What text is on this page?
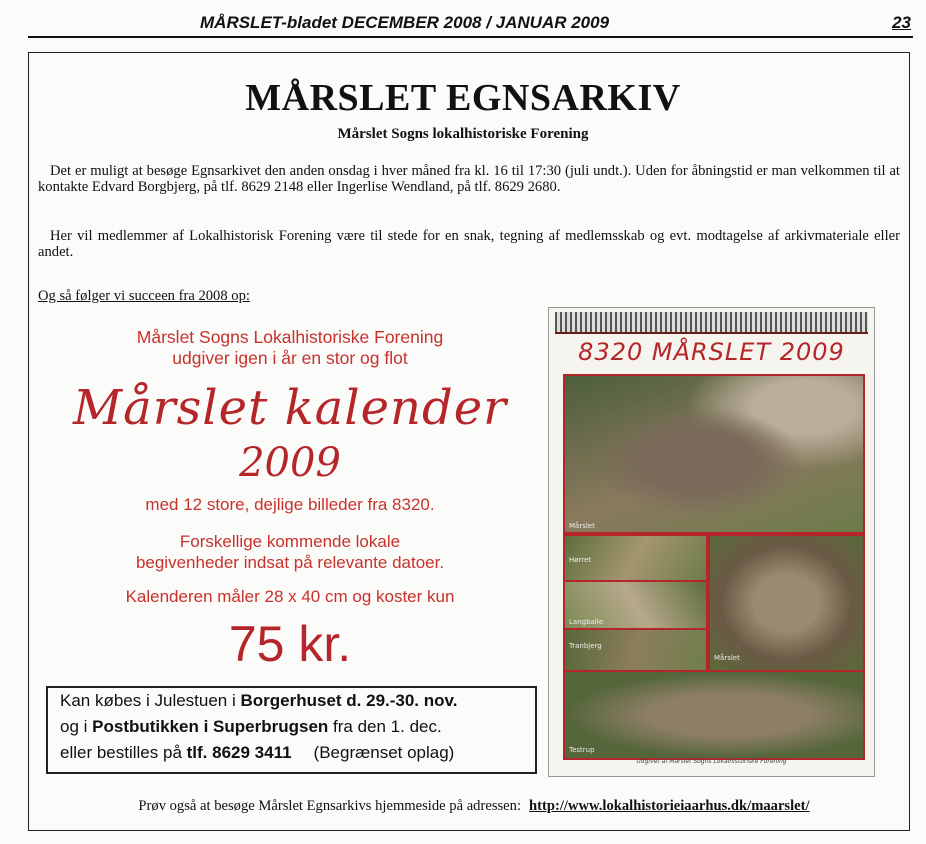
MÅRSLET-bladet DECEMBER 2008 / JANUAR 2009	23
MÅRSLET EGNSARKIV
Mårslet Sogns lokalhistoriske Forening
Det er muligt at besøge Egnsarkivet den anden onsdag i hver måned fra kl. 16 til 17:30 (juli undt.). Uden for åbningstid er man velkommen til at kontakte Edvard Borgbjerg, på tlf. 8629 2148 eller Ingerlise Wendland, på tlf. 8629 2680.
Her vil medlemmer af Lokalhistorisk Forening være til stede for en snak, tegning af medlemsskab og evt. modtagelse af arkivmateriale eller andet.
Og så følger vi succeen fra 2008 op:
Mårslet Sogns Lokalhistoriske Forening
udgiver igen i år en stor og flot
Mårslet kalender
2009
med 12 store, dejlige billeder fra 8320.
Forskellige kommende lokale
begivenheder indsat på relevante datoer.
Kalenderen måler 28 x 40 cm og koster kun
75 kr.
Kan købes i Julestuen i Borgerhuset d. 29.-30. nov.
og i Postbutikken i Superbrugsen fra den 1. dec.
eller bestilles på tlf. 8629 3411 (Begrænset oplag)
8320 MÅRSLET 2009
Mårslet
Hørret
Langballe
Tranbjerg
Mårslet
Testrup
Udgivet af Mårslet Sogns Lokalhistoriske Forening
Prøv også at besøge Mårslet Egnsarkivs hjemmeside på adressen: http://www.lokalhistorieiaarhus.dk/maarslet/
